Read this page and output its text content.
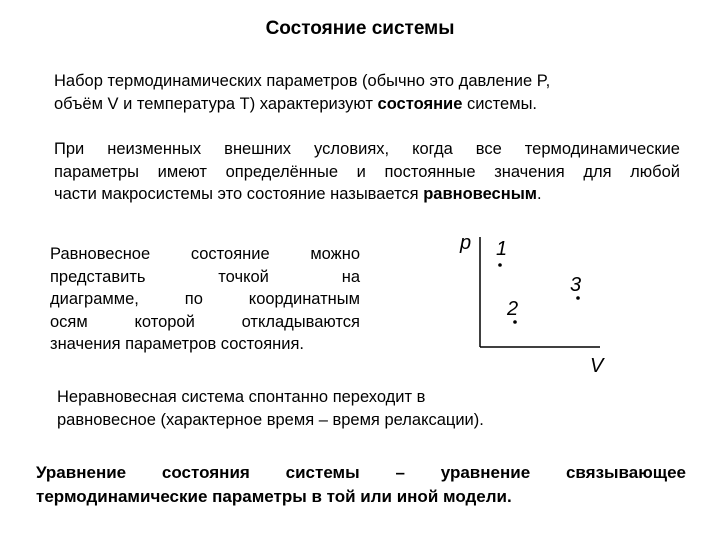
Состояние системы
Набор термодинамических параметров (обычно это давление P,
объём V и температура T) характеризуют состояние системы.
При неизменных внешних условиях, когда все термодинамические
параметры имеют определённые и постоянные значения для любой
части макросистемы это состояние называется равновесным.
Равновесное состояние можно
представить точкой на
диаграмме, по координатным
осям которой откладываются
значения параметров состояния.
p
V
1
2
3
Неравновесная система спонтанно переходит в
равновесное (характерное время – время релаксации).
Уравнение состояния системы – уравнение связывающее
термодинамические параметры в той или иной модели.
